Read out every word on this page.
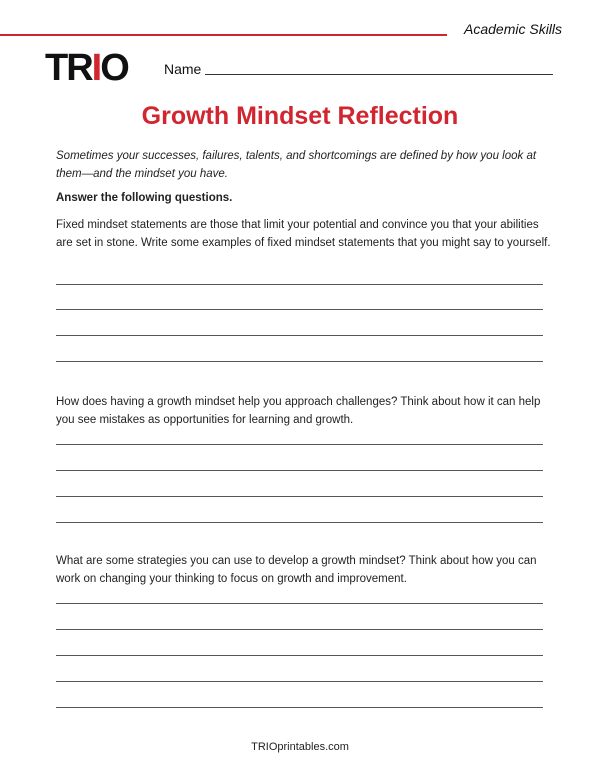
Academic Skills
TRIO	Name
Growth Mindset Reflection
Sometimes your successes, failures, talents, and shortcomings are defined by how you look at them—and the mindset you have.
Answer the following questions.
Fixed mindset statements are those that limit your potential and convince you that your abilities are set in stone. Write some examples of fixed mindset statements that you might say to yourself.
How does having a growth mindset help you approach challenges? Think about how it can help you see mistakes as opportunities for learning and growth.
What are some strategies you can use to develop a growth mindset? Think about how you can work on changing your thinking to focus on growth and improvement.
TRIOprintables.com
